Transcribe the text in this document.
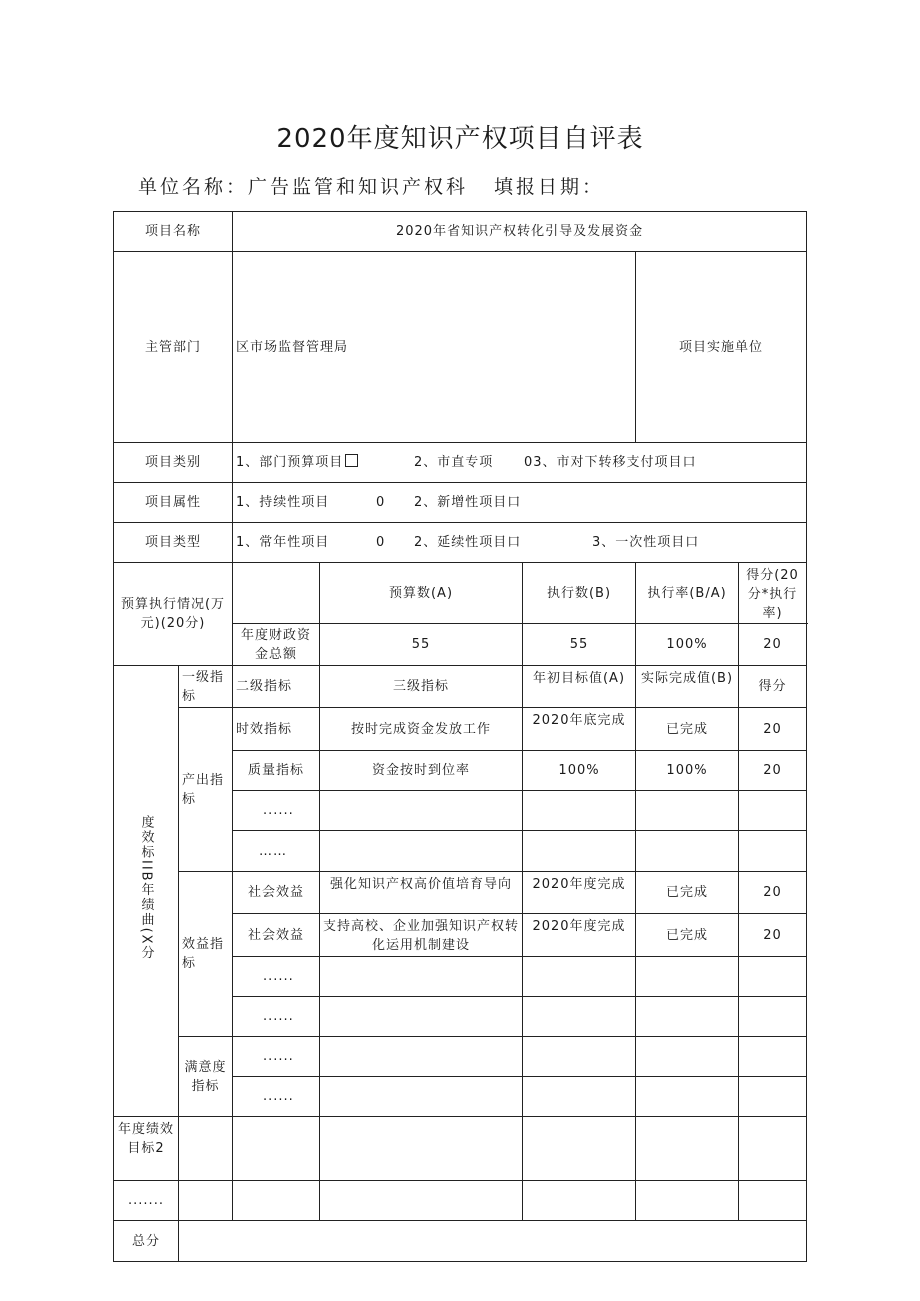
2020年度知识产权项目自评表
单位名称：广告监管和知识产权科 填报日期：
项目名称		2020年省知识产权转化引导及发展资金					
主管部门		区市场监督管理局			项目实施单位	
项目类别		1、部门预算项目 2、市直专项 03、市对下转移支付项目口					
项目属性		1、持续性项目 0 2、新增性项目口					
项目类型		1、常年性项目 0 2、延续性项目口 3、一次性项目口					
预算执行情况(万元)(20分)			预算数(A)	执行数(B)	执行率(B/A)	得分(20分*执行率)	
		年度财政资金总额	55	55	100%	20	
度效标IIB年绩曲(X分	一级指标	二级指标	三级指标	年初目标值(A)	实际完成值(B)	得分	
	产出指标	时效指标	按时完成资金发放工作	2020年底完成	已完成	20	
		质量指标	资金按时到位率	100%	100%	20	
		......					
		……					
	效益指标	社会效益	强化知识产权高价值培育导向	2020年度完成	已完成	20	
		社会效益	支持高校、企业加强知识产权转化运用机制建设	2020年度完成	已完成	20	
		......					
		......					
	满意度指标	......					
		......					
年度绩效目标2							
.......							
总分							
